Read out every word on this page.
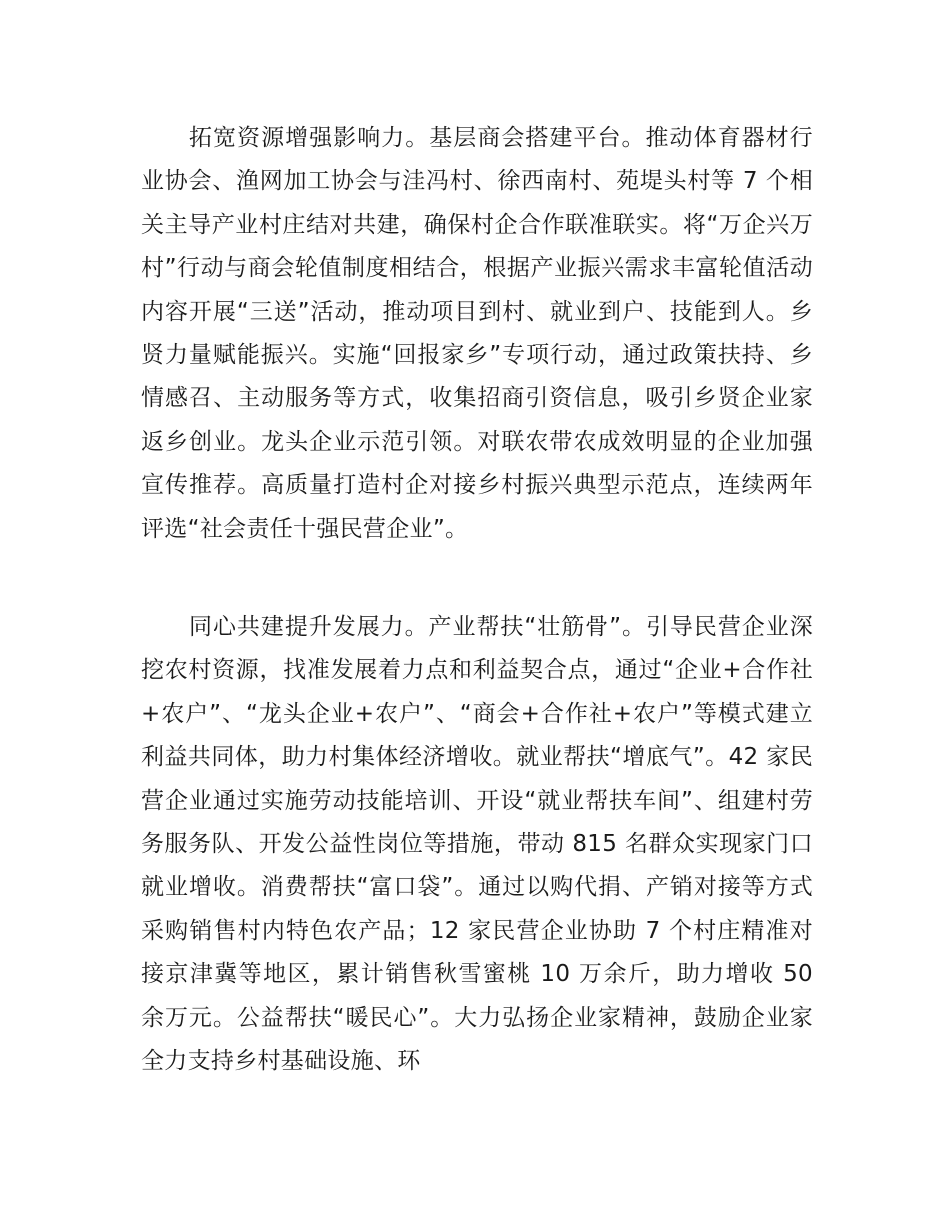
拓宽资源增强影响力。基层商会搭建平台。推动体育器材行业协会、渔网加工协会与洼冯村、徐西南村、苑堤头村等 7 个相关主导产业村庄结对共建，确保村企合作联准联实。将“万企兴万村”行动与商会轮值制度相结合，根据产业振兴需求丰富轮值活动内容开展“三送”活动，推动项目到村、就业到户、技能到人。乡贤力量赋能振兴。实施“回报家乡”专项行动，通过政策扶持、乡情感召、主动服务等方式，收集招商引资信息，吸引乡贤企业家返乡创业。龙头企业示范引领。对联农带农成效明显的企业加强宣传推荐。高质量打造村企对接乡村振兴典型示范点，连续两年评选“社会责任十强民营企业”。

同心共建提升发展力。产业帮扶“壮筋骨”。引导民营企业深挖农村资源，找准发展着力点和利益契合点，通过“企业+合作社+农户”、“龙头企业+农户”、“商会+合作社+农户”等模式建立利益共同体，助力村集体经济增收。就业帮扶“增底气”。42 家民营企业通过实施劳动技能培训、开设“就业帮扶车间”、组建村劳务服务队、开发公益性岗位等措施，带动 815 名群众实现家门口就业增收。消费帮扶“富口袋”。通过以购代捐、产销对接等方式采购销售村内特色农产品；12 家民营企业协助 7 个村庄精准对接京津冀等地区，累计销售秋雪蜜桃 10 万余斤，助力增收 50 余万元。公益帮扶“暖民心”。大力弘扬企业家精神，鼓励企业家全力支持乡村基础设施、环
